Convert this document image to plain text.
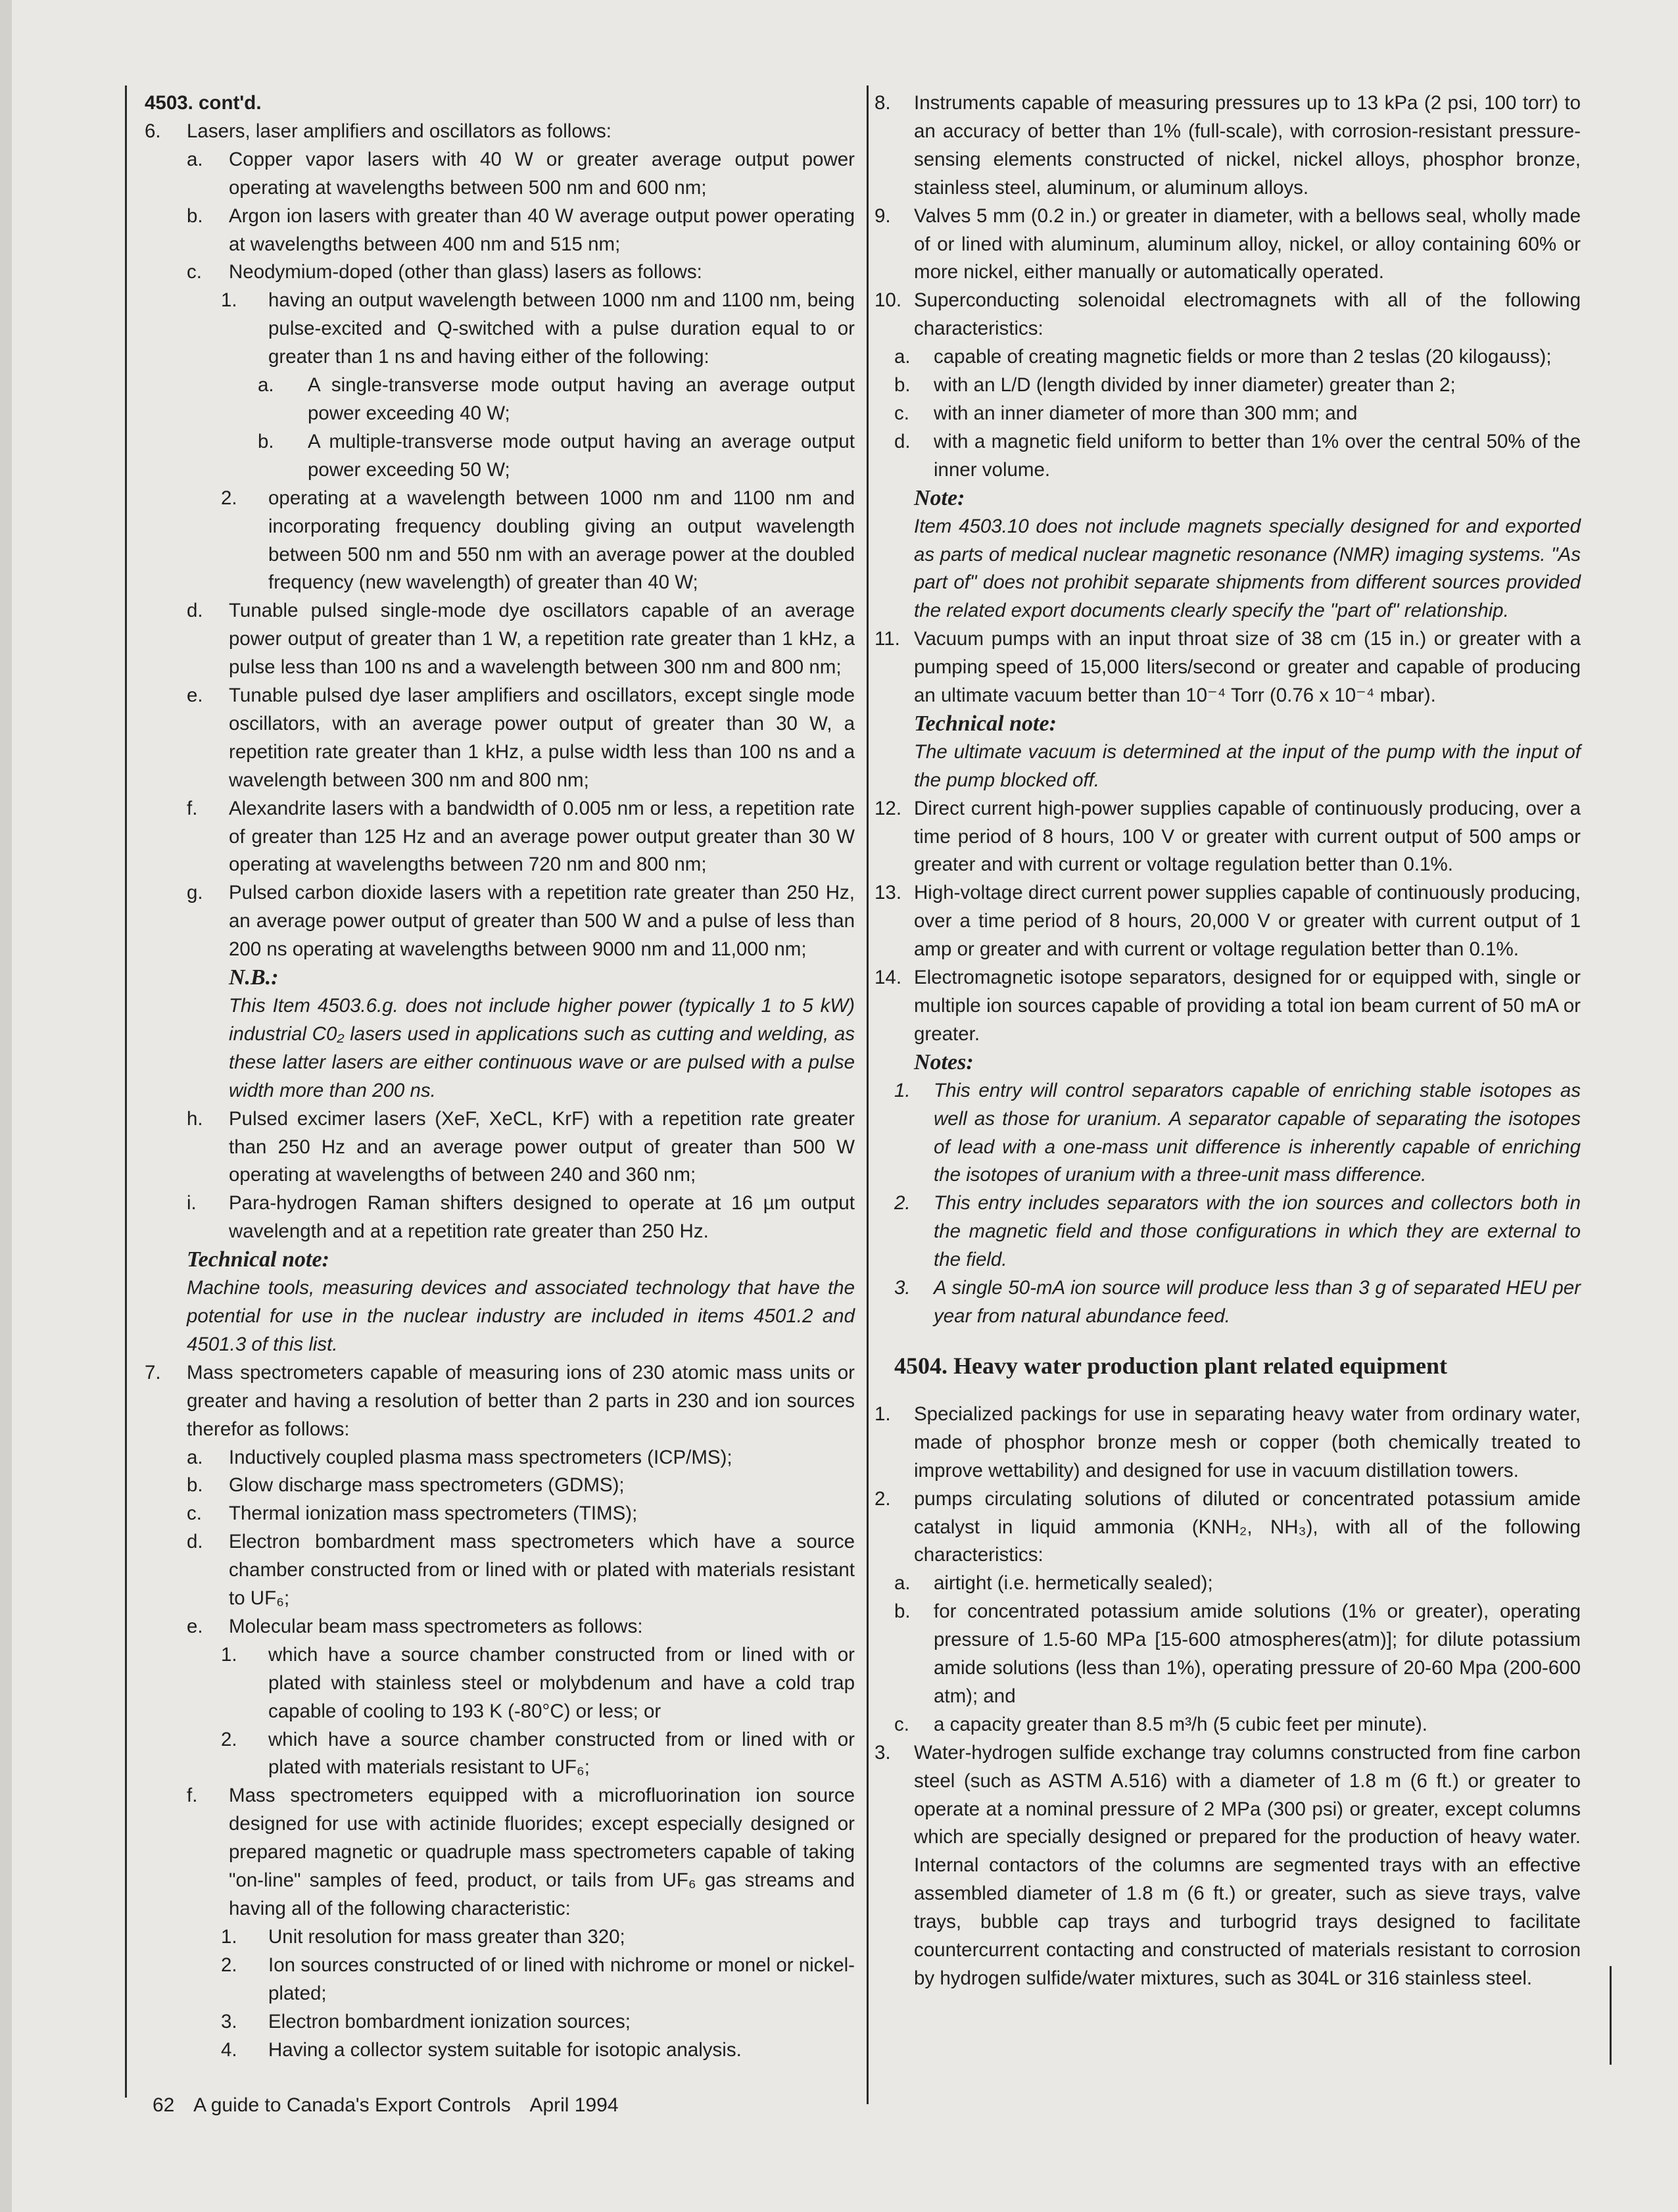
4503. cont'd.

6.	Lasers, laser amplifiers and oscillators as follows:

a.	Copper vapor lasers with 40 W or greater average output power operating at wavelengths between 500 nm and 600 nm;

b.	Argon ion lasers with greater than 40 W average output power operating at wavelengths between 400 nm and 515 nm;

c.	Neodymium-doped (other than glass) lasers as follows:

1.	having an output wavelength between 1000 nm and 1100 nm, being pulse-excited and Q-switched with a pulse duration equal to or greater than 1 ns and having either of the following:

a.	A single-transverse mode output having an average output power exceeding 40 W;

b.	A multiple-transverse mode output having an average output power exceeding 50 W;

2.	operating at a wavelength between 1000 nm and 1100 nm and incorporating frequency doubling giving an output wavelength between 500 nm and 550 nm with an average power at the doubled frequency (new wavelength) of greater than 40 W;

d.	Tunable pulsed single-mode dye oscillators capable of an average power output of greater than 1 W, a repetition rate greater than 1 kHz, a pulse less than 100 ns and a wavelength between 300 nm and 800 nm;

e.	Tunable pulsed dye laser amplifiers and oscillators, except single mode oscillators, with an average power output of greater than 30 W, a repetition rate greater than 1 kHz, a pulse width less than 100 ns and a wavelength between 300 nm and 800 nm;

f.	Alexandrite lasers with a bandwidth of 0.005 nm or less, a repetition rate of greater than 125 Hz and an average power output greater than 30 W operating at wavelengths between 720 nm and 800 nm;

g.	Pulsed carbon dioxide lasers with a repetition rate greater than 250 Hz, an average power output of greater than 500 W and a pulse of less than 200 ns operating at wavelengths between 9000 nm and 11,000 nm;

N.B.:

This Item 4503.6.g. does not include higher power (typically 1 to 5 kW) industrial C0₂ lasers used in applications such as cutting and welding, as these latter lasers are either continuous wave or are pulsed with a pulse width more than 200 ns.

h.	Pulsed excimer lasers (XeF, XeCL, KrF) with a repetition rate greater than 250 Hz and an average power output of greater than 500 W operating at wavelengths of between 240 and 360 nm;

i.	Para-hydrogen Raman shifters designed to operate at 16 µm output wavelength and at a repetition rate greater than 250 Hz.

Technical note:

Machine tools, measuring devices and associated technology that have the potential for use in the nuclear industry are included in items 4501.2 and 4501.3 of this list.

7.	Mass spectrometers capable of measuring ions of 230 atomic mass units or greater and having a resolution of better than 2 parts in 230 and ion sources therefor as follows:

a.	Inductively coupled plasma mass spectrometers (ICP/MS);

b.	Glow discharge mass spectrometers (GDMS);

c.	Thermal ionization mass spectrometers (TIMS);

d.	Electron bombardment mass spectrometers which have a source chamber constructed from or lined with or plated with materials resistant to UF₆;

e.	Molecular beam mass spectrometers as follows:

1.	which have a source chamber constructed from or lined with or plated with stainless steel or molybdenum and have a cold trap capable of cooling to 193 K (-80°C) or less; or

2.	which have a source chamber constructed from or lined with or plated with materials resistant to UF₆;

f.	Mass spectrometers equipped with a microfluorination ion source designed for use with actinide fluorides; except especially designed or prepared magnetic or quadruple mass spectrometers capable of taking "on-line" samples of feed, product, or tails from UF₆ gas streams and having all of the following characteristic:

1.	Unit resolution for mass greater than 320;

2.	Ion sources constructed of or lined with nichrome or monel or nickel-plated;

3.	Electron bombardment ionization sources;

4.	Having a collector system suitable for isotopic analysis.

8.	Instruments capable of measuring pressures up to 13 kPa (2 psi, 100 torr) to an accuracy of better than 1% (full-scale), with corrosion-resistant pressure-sensing elements constructed of nickel, nickel alloys, phosphor bronze, stainless steel, aluminum, or aluminum alloys.

9.	Valves 5 mm (0.2 in.) or greater in diameter, with a bellows seal, wholly made of or lined with aluminum, aluminum alloy, nickel, or alloy containing 60% or more nickel, either manually or automatically operated.

10. Superconducting solenoidal electromagnets with all of the following characteristics:

a.	capable of creating magnetic fields or more than 2 teslas (20 kilogauss);

b.	with an L/D (length divided by inner diameter) greater than 2;

c.	with an inner diameter of more than 300 mm; and

d.	with a magnetic field uniform to better than 1% over the central 50% of the inner volume.

Note:

Item 4503.10 does not include magnets specially designed for and exported as parts of medical nuclear magnetic resonance (NMR) imaging systems. "As part of" does not prohibit separate shipments from different sources provided the related export documents clearly specify the "part of" relationship.

11. Vacuum pumps with an input throat size of 38 cm (15 in.) or greater with a pumping speed of 15,000 liters/second or greater and capable of producing an ultimate vacuum better than 10⁻⁴ Torr (0.76 x 10⁻⁴ mbar).

Technical note:

The ultimate vacuum is determined at the input of the pump with the input of the pump blocked off.

12. Direct current high-power supplies capable of continuously producing, over a time period of 8 hours, 100 V or greater with current output of 500 amps or greater and with current or voltage regulation better than 0.1%.

13. High-voltage direct current power supplies capable of continuously producing, over a time period of 8 hours, 20,000 V or greater with current output of 1 amp or greater and with current or voltage regulation better than 0.1%.

14. Electromagnetic isotope separators, designed for or equipped with, single or multiple ion sources capable of providing a total ion beam current of 50 mA or greater.

Notes:

1.	This entry will control separators capable of enriching stable isotopes as well as those for uranium. A separator capable of separating the isotopes of lead with a one-mass unit difference is inherently capable of enriching the isotopes of uranium with a three-unit mass difference.

2.	This entry includes separators with the ion sources and collectors both in the magnetic field and those configurations in which they are external to the field.

3.	A single 50-mA ion source will produce less than 3 g of separated HEU per year from natural abundance feed.

4504. Heavy water production plant related equipment

1.	Specialized packings for use in separating heavy water from ordinary water, made of phosphor bronze mesh or copper (both chemically treated to improve wettability) and designed for use in vacuum distillation towers.

2.	pumps circulating solutions of diluted or concentrated potassium amide catalyst in liquid ammonia (KNH₂, NH₃), with all of the following characteristics:

a.	airtight (i.e. hermetically sealed);

b.	for concentrated potassium amide solutions (1% or greater), operating pressure of 1.5-60 MPa [15-600 atmospheres(atm)]; for dilute potassium amide solutions (less than 1%), operating pressure of 20-60 Mpa (200-600 atm); and

c.	a capacity greater than 8.5 m³/h (5 cubic feet per minute).

3.	Water-hydrogen sulfide exchange tray columns constructed from fine carbon steel (such as ASTM A.516) with a diameter of 1.8 m (6 ft.) or greater to operate at a nominal pressure of 2 MPa (300 psi) or greater, except columns which are specially designed or prepared for the production of heavy water. Internal contactors of the columns are segmented trays with an effective assembled diameter of 1.8 m (6 ft.) or greater, such as sieve trays, valve trays, bubble cap trays and turbogrid trays designed to facilitate countercurrent contacting and constructed of materials resistant to corrosion by hydrogen sulfide/water mixtures, such as 304L or 316 stainless steel.

62 A guide to Canada's Export Controls April 1994
